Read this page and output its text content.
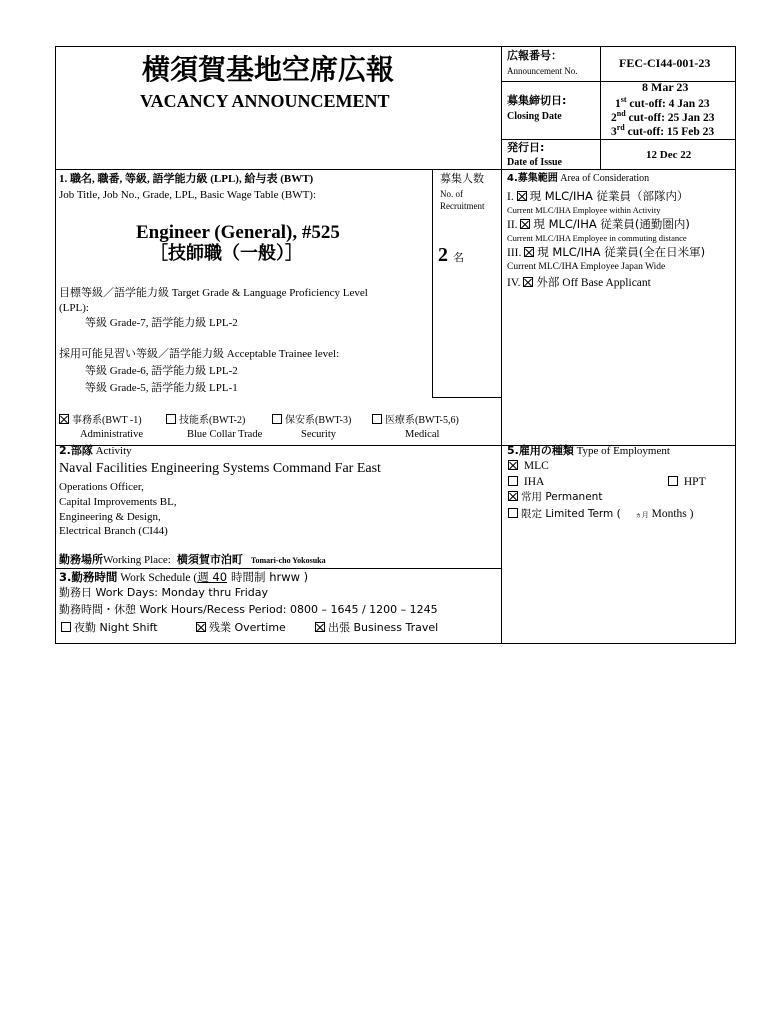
横須賀基地空席広報
VACANCY ANNOUNCEMENT
広報番号：
Announcement No.
FEC-CI44-001-23
募集締切日:
Closing Date
8 Mar 23
1st cut-off: 4 Jan 23
2nd cut-off: 25 Jan 23
3rd cut-off: 15 Feb 23
発行日:
Date of Issue
12 Dec 22
1. 職名, 職番, 等級, 語学能力級 (LPL), 給与表 (BWT)
Job Title, Job No., Grade, LPL, Basic Wage Table (BWT):
Engineer (General), #525
［技師職（一般）］
募集人数
No. of
Recruitment
2 名
目標等級／語学能力級 Target Grade & Language Proficiency Level
(LPL):
等級 Grade-7, 語学能力級 LPL-2
採用可能見習い等級／語学能力級 Acceptable Trainee level:
等級 Grade-6, 語学能力級 LPL-2
等級 Grade-5, 語学能力級 LPL-1
事務系(BWT -1)
Administrative
技能系(BWT-2)
Blue Collar Trade
保安系(BWT-3)
Security
医療系(BWT-5,6)
Medical
4.募集範囲 Area of Consideration
I. 現 MLC/IHA 従業員（部隊内）
Current MLC/IHA Employee within Activity
II. 現 MLC/IHA 従業員(通勤圏内)
Current MLC/IHA Employee in commuting distance
III. 現 MLC/IHA 従業員(全在日米軍)
Current MLC/IHA Employee Japan Wide
IV. 外部 Off Base Applicant
2.部隊 Activity
Naval Facilities Engineering Systems Command Far East
Operations Officer,
Capital Improvements BL,
Engineering & Design,
Electrical Branch (CI44)
勤務場所Working Place: 横須賀市泊町 Tomari-cho Yokosuka
5.雇用の種類 Type of Employment
MLC
IHA	HPT
常用 Permanent
限定 Limited Term ( ヵ月 Months )
3.勤務時間 Work Schedule (週 40 時間制 hrww )
勤務日 Work Days: Monday thru Friday
勤務時間・休憩 Work Hours/Recess Period: 0800 – 1645 / 1200 – 1245
夜勤 Night Shift	残業 Overtime	出張 Business Travel
